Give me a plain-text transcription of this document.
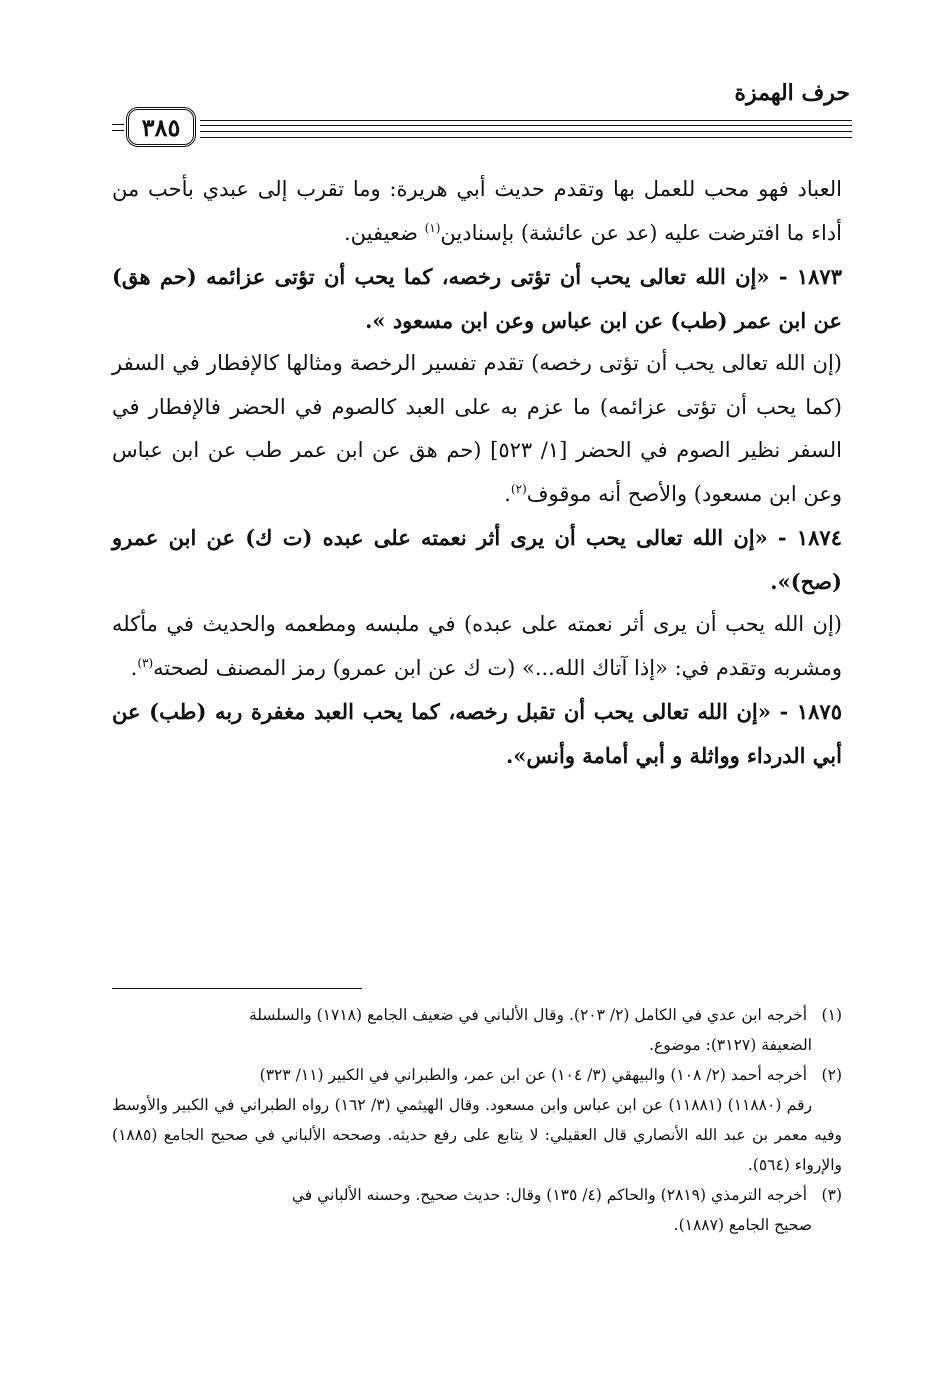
حرف الهمزة
٣٨٥

العباد فهو محب للعمل بها وتقدم حديث أبي هريرة: وما تقرب إلى عبدي بأحب من أداء ما افترضت عليه (عد عن عائشة) بإسنادين$^{(١)}$ ضعيفين.

١٨٧٣ - «إن الله تعالى يحب أن تؤتى رخصه، كما يحب أن تؤتى عزائمه (حم هق) عن ابن عمر (طب) عن ابن عباس وعن ابن مسعود ».

(إن الله تعالى يحب أن تؤتى رخصه) تقدم تفسير الرخصة ومثالها كالإفطار في السفر (كما يحب أن تؤتى عزائمه) ما عزم به على العبد كالصوم في الحضر فالإفطار في السفر نظير الصوم في الحضر [١/ ٥٢٣] (حم هق عن ابن عمر طب عن ابن عباس وعن ابن مسعود) والأصح أنه موقوف$^{(٢)}$.

١٨٧٤ - «إن الله تعالى يحب أن يرى أثر نعمته على عبده (ت ك) عن ابن عمرو (صح)».

(إن الله يحب أن يرى أثر نعمته على عبده) في ملبسه ومطعمه والحديث في مأكله ومشربه وتقدم في: «إذا آتاك الله...» (ت ك عن ابن عمرو) رمز المصنف لصحته$^{(٣)}$.

١٨٧٥ - «إن الله تعالى يحب أن تقبل رخصه، كما يحب العبد مغفرة ربه (طب) عن أبي الدرداء وواثلة و أبي أمامة وأنس».

(١) أخرجه ابن عدي في الكامل (٢/ ٢٠٣). وقال الألباني في ضعيف الجامع (١٧١٨) والسلسلة
الضعيفة (٣١٢٧): موضوع.

(٢) أخرجه أحمد (٢/ ١٠٨) والبيهقي (٣/ ١٠٤) عن ابن عمر، والطبراني في الكبير (١١/ ٣٢٣)
رقم (١١٨٨٠) (١١٨٨١) عن ابن عباس وابن مسعود. وقال الهيثمي (٣/ ١٦٢) رواه الطبراني في الكبير والأوسط وفيه معمر بن عبد الله الأنصاري قال العقيلي: لا يتابع على رفع حديثه. وصححه الألباني في صحيح الجامع (١٨٨٥) والإرواء (٥٦٤).

(٣) أخرجه الترمذي (٢٨١٩) والحاكم (٤/ ١٣٥) وقال: حديث صحيح. وحسنه الألباني في
صحيح الجامع (١٨٨٧).
